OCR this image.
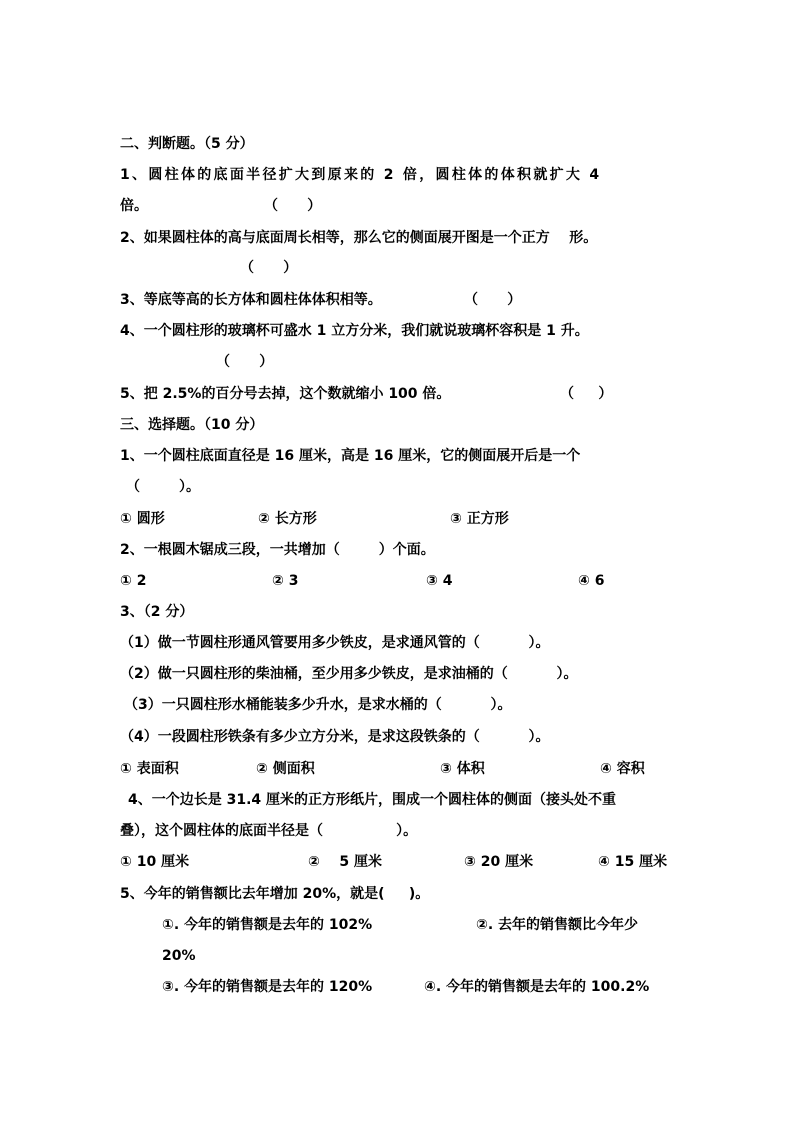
二、判断题。（5 分）
1、圆柱体的底面半径扩大到原来的 2 倍，圆柱体的体积就扩大 4
倍。	（      ）
2、如果圆柱体的高与底面周长相等，那么它的侧面展开图是一个正方    形。
（      ）
3、等底等高的长方体和圆柱体体积相等。	（      ）
4、一个圆柱形的玻璃杯可盛水 1 立方分米，我们就说玻璃杯容积是 1 升。
（      ）
5、把 2.5%的百分号去掉，这个数就缩小 100 倍。	（     ）
三、选择题。（10 分）
1、一个圆柱底面直径是 16 厘米，高是 16 厘米，它的侧面展开后是一个
（        ）。
① 圆形	② 长方形	③ 正方形
2、一根圆木锯成三段，一共增加（        ）个面。
① 2	② 3	③ 4	④ 6
3、（2 分）
（1）做一节圆柱形通风管要用多少铁皮，是求通风管的（          ）。
（2）做一只圆柱形的柴油桶，至少用多少铁皮，是求油桶的（          ）。
（3）一只圆柱形水桶能装多少升水，是求水桶的（          ）。
（4）一段圆柱形铁条有多少立方分米，是求这段铁条的（          ）。
① 表面积	② 侧面积	③ 体积	④ 容积
4、一个边长是 31.4 厘米的正方形纸片，围成一个圆柱体的侧面（接头处不重
叠），这个圆柱体的底面半径是（               ）。
① 10 厘米	②    5 厘米	③ 20 厘米	④ 15 厘米
5、今年的销售额比去年增加 20%，就是(     )。
①. 今年的销售额是去年的 102%	②. 去年的销售额比今年少
20%
③. 今年的销售额是去年的 120%	④. 今年的销售额是去年的 100.2%
